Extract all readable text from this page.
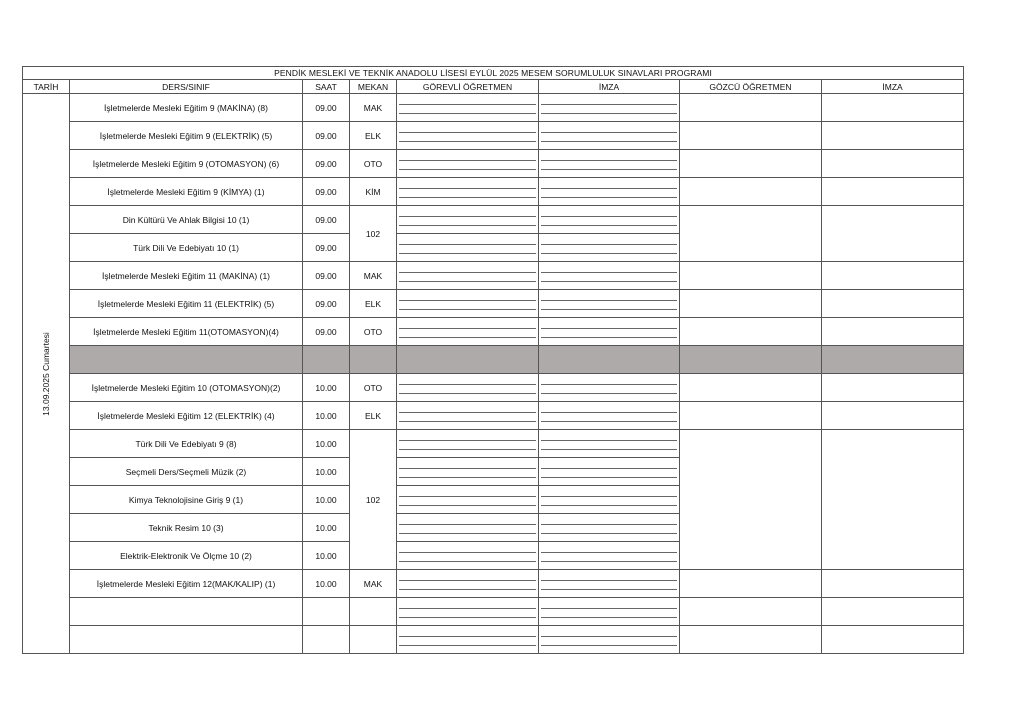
PENDİK MESLEKİ VE TEKNİK ANADOLU LİSESİ EYLÜL 2025 MESEM SORUMLULUK SINAVLARI PROGRAMI							
TARİH	DERS/SINIF	SAAT	MEKAN	GÖREVLİ ÖĞRETMEN	İMZA	GÖZCÜ ÖĞRETMEN	İMZA

13.09.2025 Cumartesi	İşletmelerde Mesleki Eğitim 9 (MAKİNA) (8)	09.00	MAK	

	İşletmelerde Mesleki Eğitim 9 (ELEKTRİK) (5)	09.00	ELK	

	İşletmelerde Mesleki Eğitim 9 (OTOMASYON) (6)	09.00	OTO	

	İşletmelerde Mesleki Eğitim 9 (KİMYA) (1)	09.00	KİM	

	Din Kültürü Ve Ahlak Bilgisi 10 (1)	09.00	102	

	Türk Dili Ve Edebiyatı 10 (1)	09.00				

	İşletmelerde Mesleki Eğitim 11 (MAKİNA) (1)	09.00	MAK	

	İşletmelerde Mesleki Eğitim 11 (ELEKTRİK) (5)	09.00	ELK	

	İşletmelerde Mesleki Eğitim 11(OTOMASYON)(4)	09.00	OTO	

	İşletmelerde Mesleki Eğitim 10 (OTOMASYON)(2)	10.00	OTO	

	İşletmelerde Mesleki Eğitim 12 (ELEKTRİK) (4)	10.00	ELK	

	Türk Dili Ve Edebiyatı 9 (8)	10.00	102	

	Seçmeli Ders/Seçmeli Müzik (2)	10.00				

	Kimya Teknolojisine Giriş 9 (1)	10.00				

	Teknik Resim 10 (3)	10.00				

	Elektrik-Elektronik Ve Ölçme 10 (2)	10.00				

	İşletmelerde Mesleki Eğitim 12(MAK/KALIP) (1)	10.00	MAK	
